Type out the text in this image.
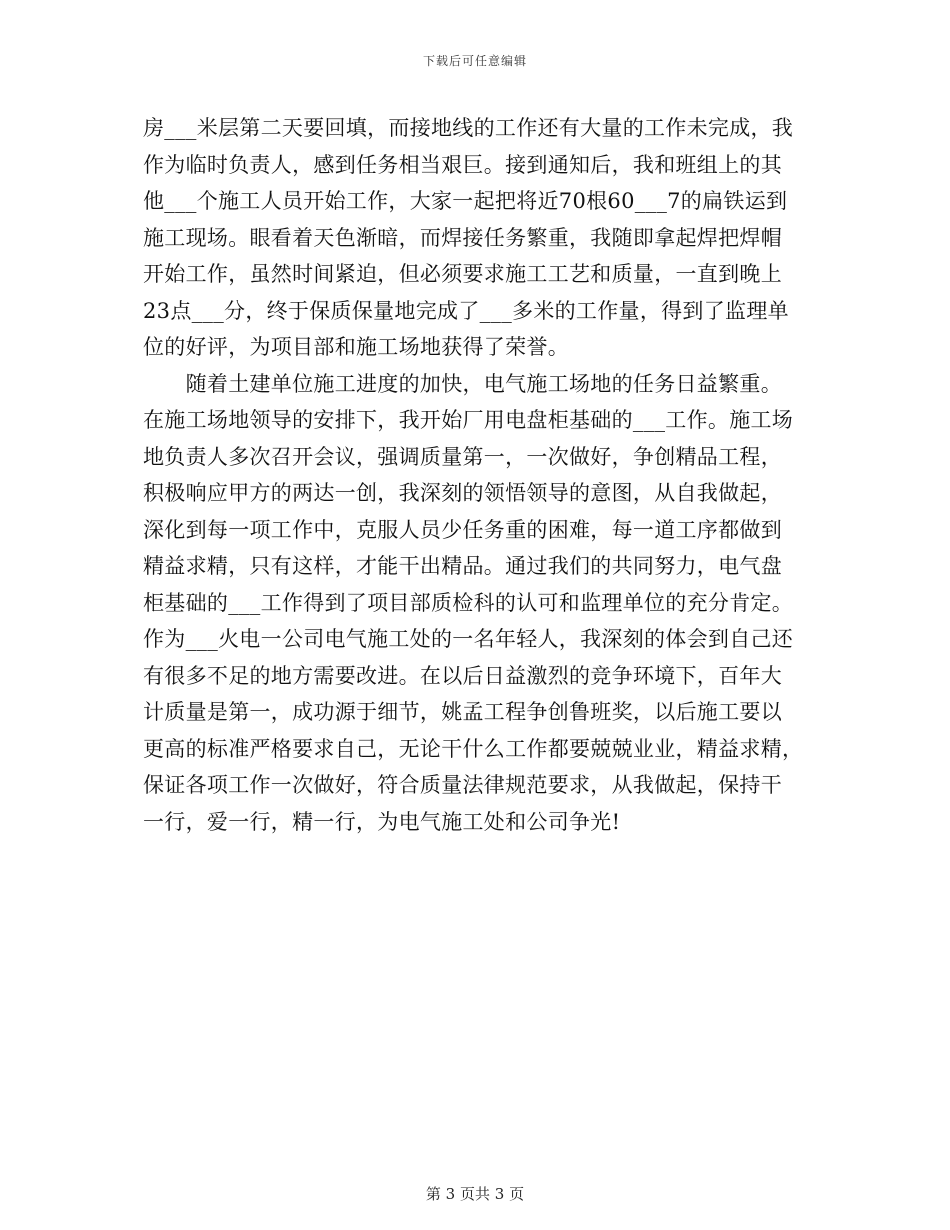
下载后可任意编辑
房___米层第二天要回填，而接地线的工作还有大量的工作未完成，我
作为临时负责人，感到任务相当艰巨。接到通知后，我和班组上的其
他___个施工人员开始工作，大家一起把将近70根60___7的扁铁运到
施工现场。眼看着天色渐暗，而焊接任务繁重，我随即拿起焊把焊帽
开始工作，虽然时间紧迫，但必须要求施工工艺和质量，一直到晚上
23点___分，终于保质保量地完成了___多米的工作量，得到了监理单
位的好评，为项目部和施工场地获得了荣誉。
　　随着土建单位施工进度的加快，电气施工场地的任务日益繁重。
在施工场地领导的安排下，我开始厂用电盘柜基础的___工作。施工场
地负责人多次召开会议，强调质量第一，一次做好，争创精品工程，
积极响应甲方的两达一创，我深刻的领悟领导的意图，从自我做起，
深化到每一项工作中，克服人员少任务重的困难，每一道工序都做到
精益求精，只有这样，才能干出精品。通过我们的共同努力，电气盘
柜基础的___工作得到了项目部质检科的认可和监理单位的充分肯定。
作为___火电一公司电气施工处的一名年轻人，我深刻的体会到自己还
有很多不足的地方需要改进。在以后日益激烈的竞争环境下，百年大
计质量是第一，成功源于细节，姚孟工程争创鲁班奖，以后施工要以
更高的标准严格要求自己，无论干什么工作都要兢兢业业，精益求精，
保证各项工作一次做好，符合质量法律规范要求，从我做起，保持干
一行，爱一行，精一行，为电气施工处和公司争光!
第 3 页共 3 页
